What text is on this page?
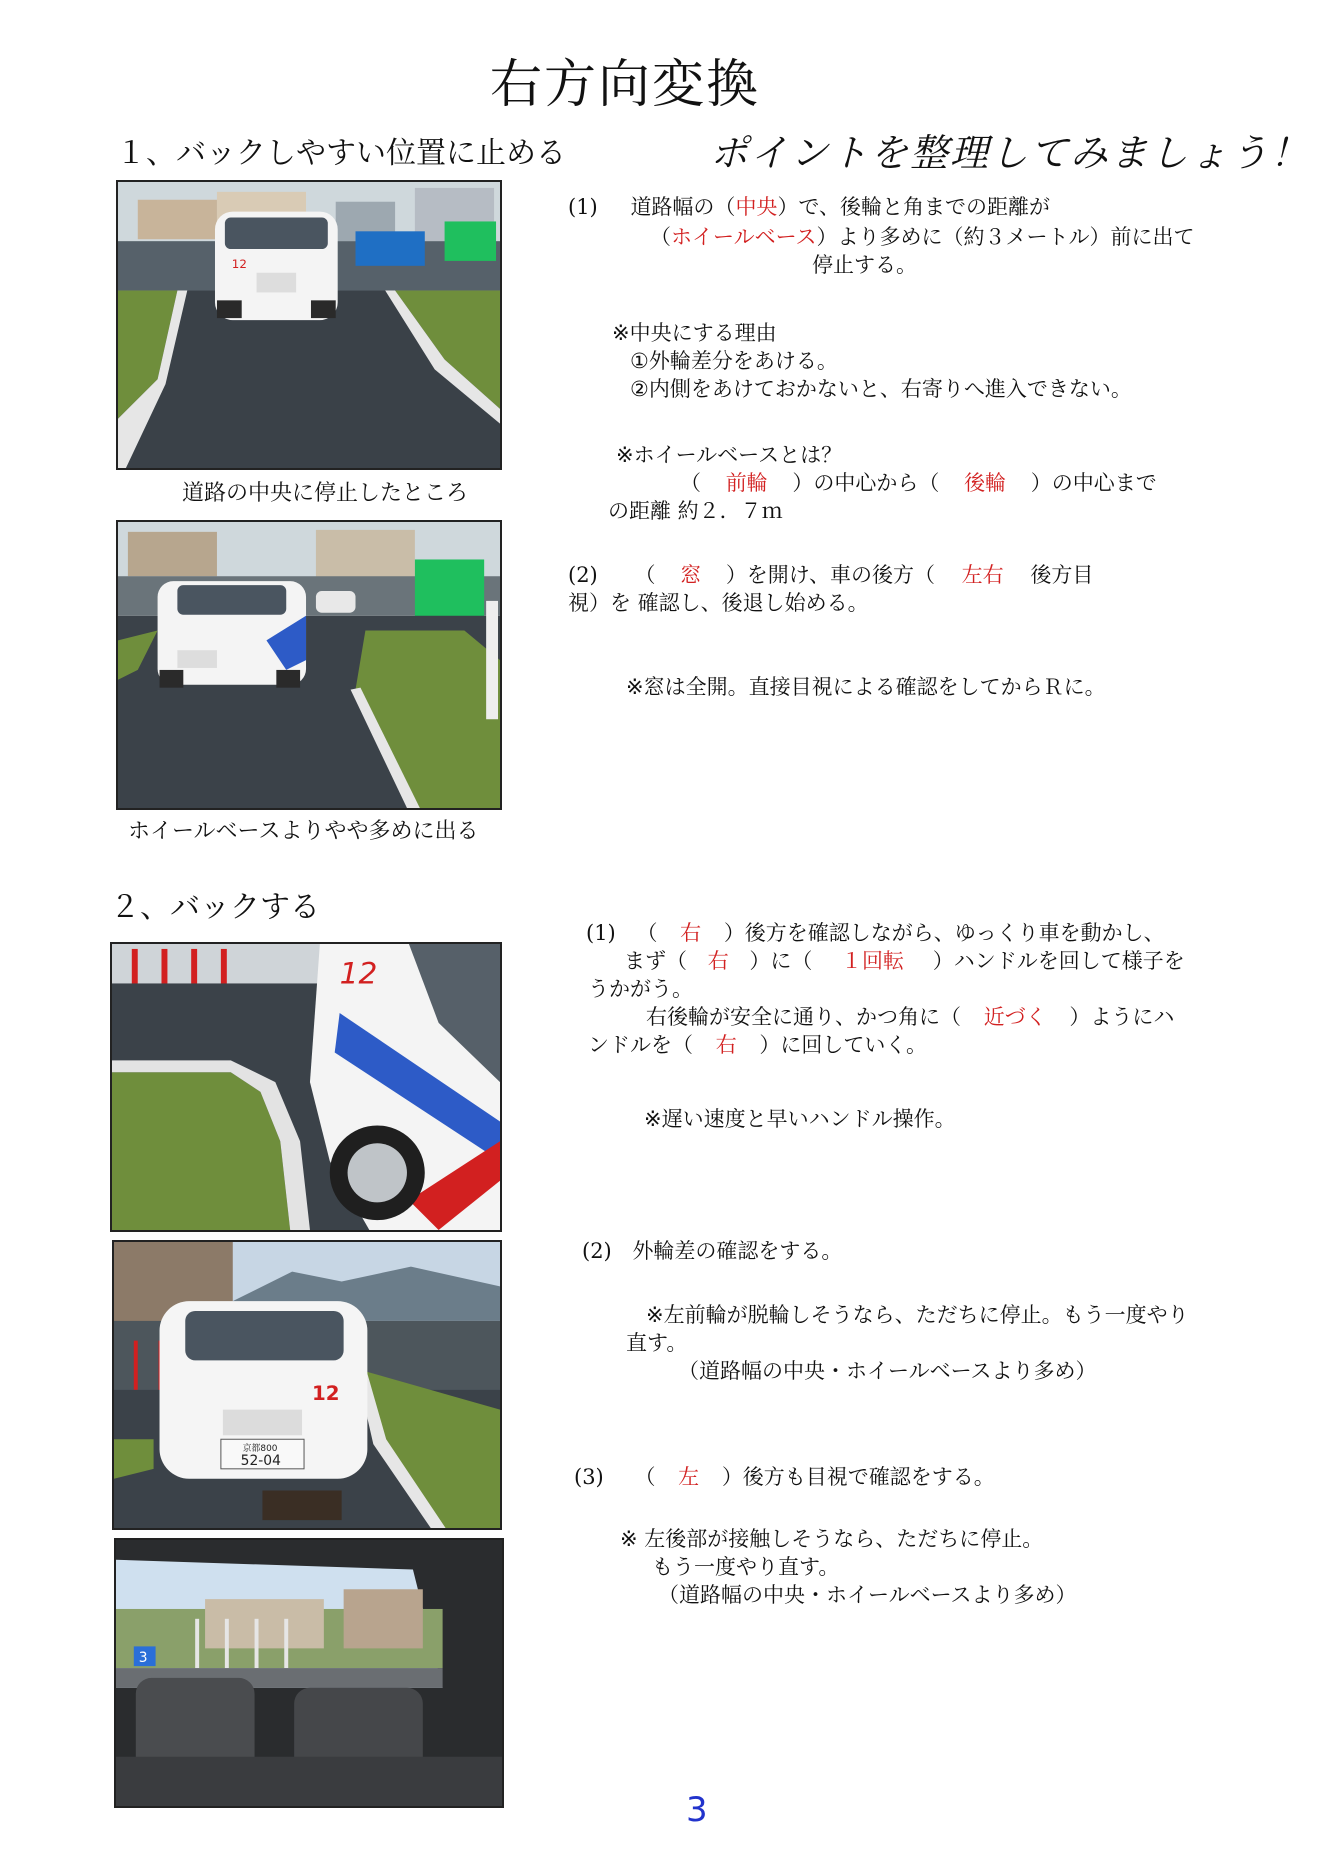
右方向変換
１、バックしやすい位置に止める	ポイントを整理してみましょう！
12
道路の中央に停止したところ
ホイールベースよりやや多めに出る
(1) 道路幅の（中央）で、後輪と角までの距離が
（ホイールベース）より多めに（約３メートル）前に出て
停止する。
※中央にする理由
①外輪差分をあける。
②内側をあけておかないと、右寄りへ進入できない。
※ホイールベースとは？
（ 前輪 ）の中心から（ 後輪 ）の中心まで
の距離 約２．７ｍ
(2) （ 窓 ）を開け、車の後方（ 左右 後方目
視）を 確認し、後退し始める。
※窓は全開。直接目視による確認をしてからＲに。
２、バックする
12
京都800
52-04
12
3
(1) （ 右 ）後方を確認しながら、ゆっくり車を動かし、
まず（ 右 ）に（ １回転 ）ハンドルを回して様子を
うかがう。
右後輪が安全に通り、かつ角に（ 近づく ）ようにハ
ンドルを（ 右 ）に回していく。
※遅い速度と早いハンドル操作。
(2) 外輪差の確認をする。
※左前輪が脱輪しそうなら、ただちに停止。もう一度やり
直す。
（道路幅の中央・ホイールベースより多め）
(3) （ 左 ）後方も目視で確認をする。
※ 左後部が接触しそうなら、ただちに停止。
もう一度やり直す。
（道路幅の中央・ホイールベースより多め）
3
